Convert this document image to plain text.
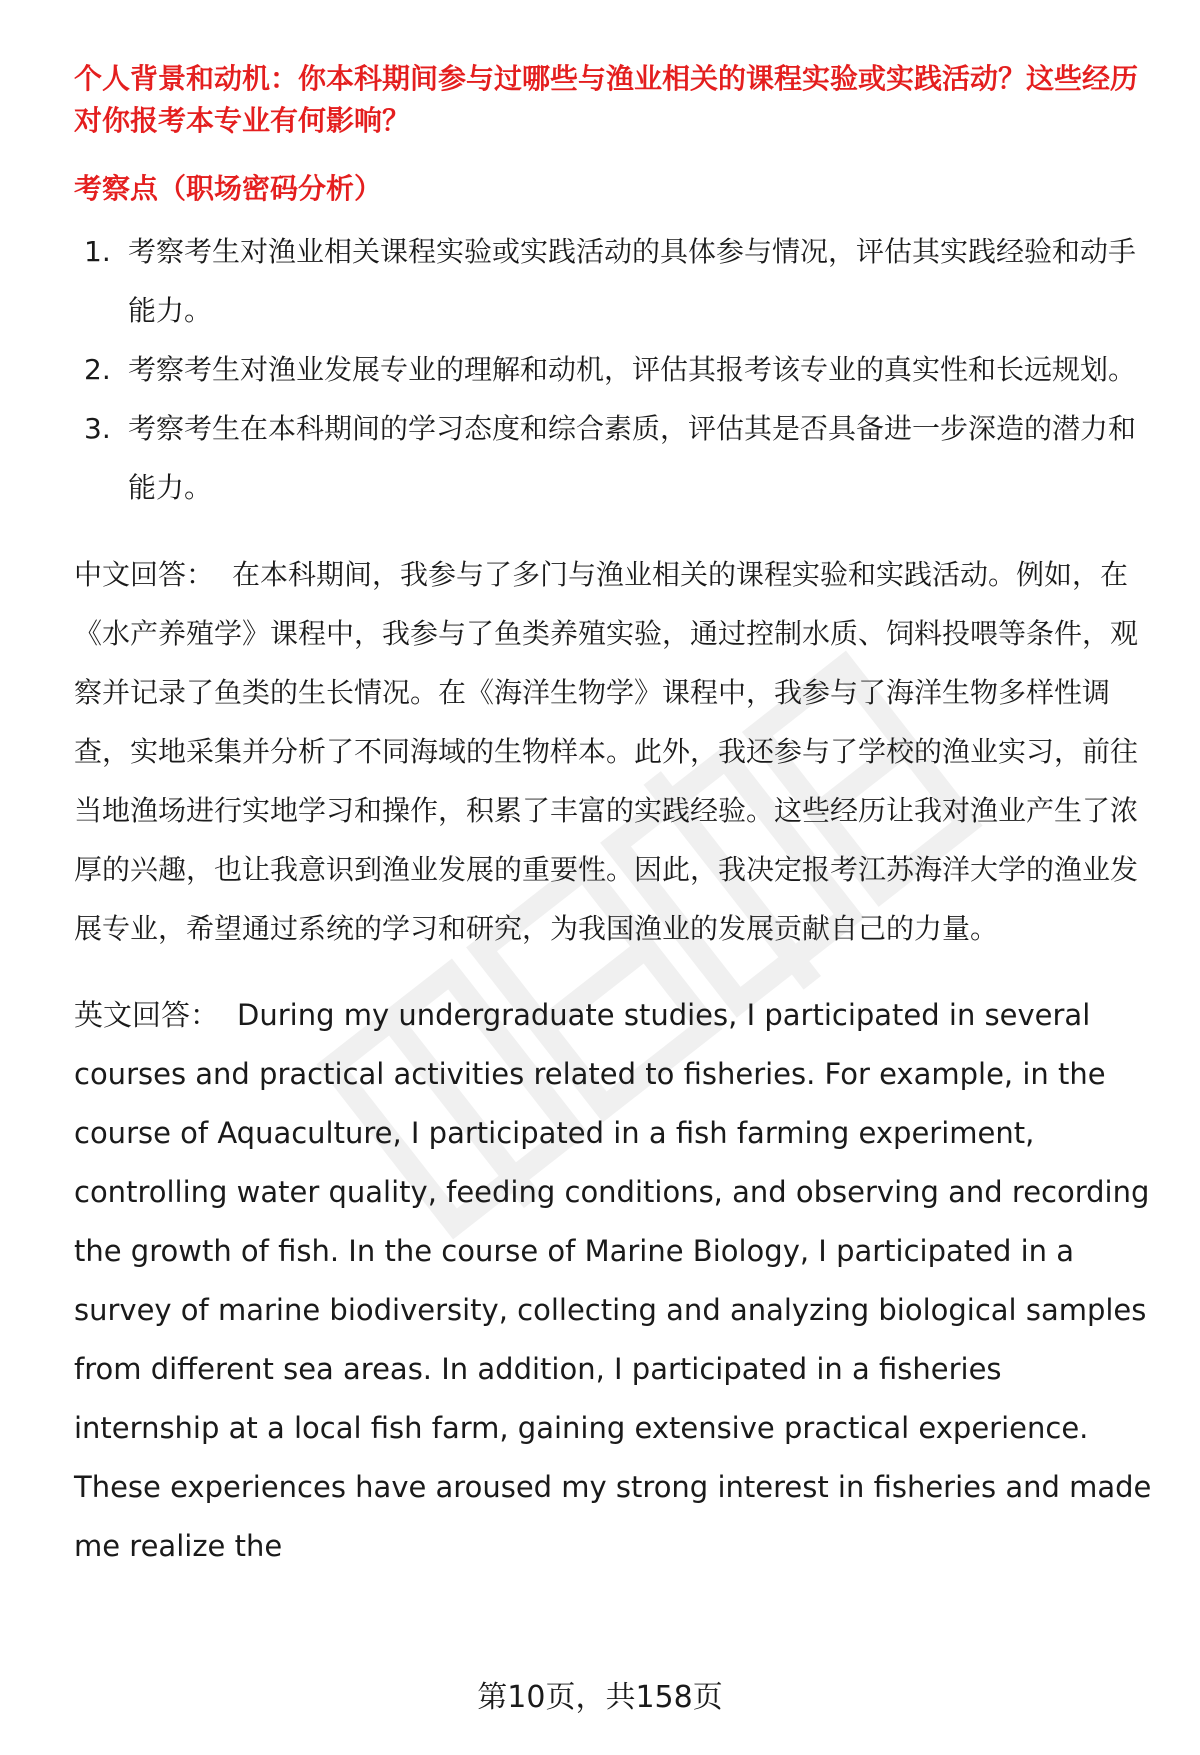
个人背景和动机：你本科期间参与过哪些与渔业相关的课程实验或实践活动？这些经历对你报考本专业有何影响？

考察点（职场密码分析）

1. 考察考生对渔业相关课程实验或实践活动的具体参与情况，评估其实践经验和动手能力。
2. 考察考生对渔业发展专业的理解和动机，评估其报考该专业的真实性和长远规划。
3. 考察考生在本科期间的学习态度和综合素质，评估其是否具备进一步深造的潜力和能力。

中文回答： 在本科期间，我参与了多门与渔业相关的课程实验和实践活动。例如，在《水产养殖学》课程中，我参与了鱼类养殖实验，通过控制水质、饲料投喂等条件，观察并记录了鱼类的生长情况。在《海洋生物学》课程中，我参与了海洋生物多样性调查，实地采集并分析了不同海域的生物样本。此外，我还参与了学校的渔业实习，前往当地渔场进行实地学习和操作，积累了丰富的实践经验。这些经历让我对渔业产生了浓厚的兴趣，也让我意识到渔业发展的重要性。因此，我决定报考江苏海洋大学的渔业发展专业，希望通过系统的学习和研究，为我国渔业的发展贡献自己的力量。

英文回答： During my undergraduate studies, I participated in several courses and practical activities related to fisheries. For example, in the course of Aquaculture, I participated in a fish farming experiment, controlling water quality, feeding conditions, and observing and recording the growth of fish. In the course of Marine Biology, I participated in a survey of marine biodiversity, collecting and analyzing biological samples from different sea areas. In addition, I participated in a fisheries internship at a local fish farm, gaining extensive practical experience. These experiences have aroused my strong interest in fisheries and made me realize the

第10页，共158页
